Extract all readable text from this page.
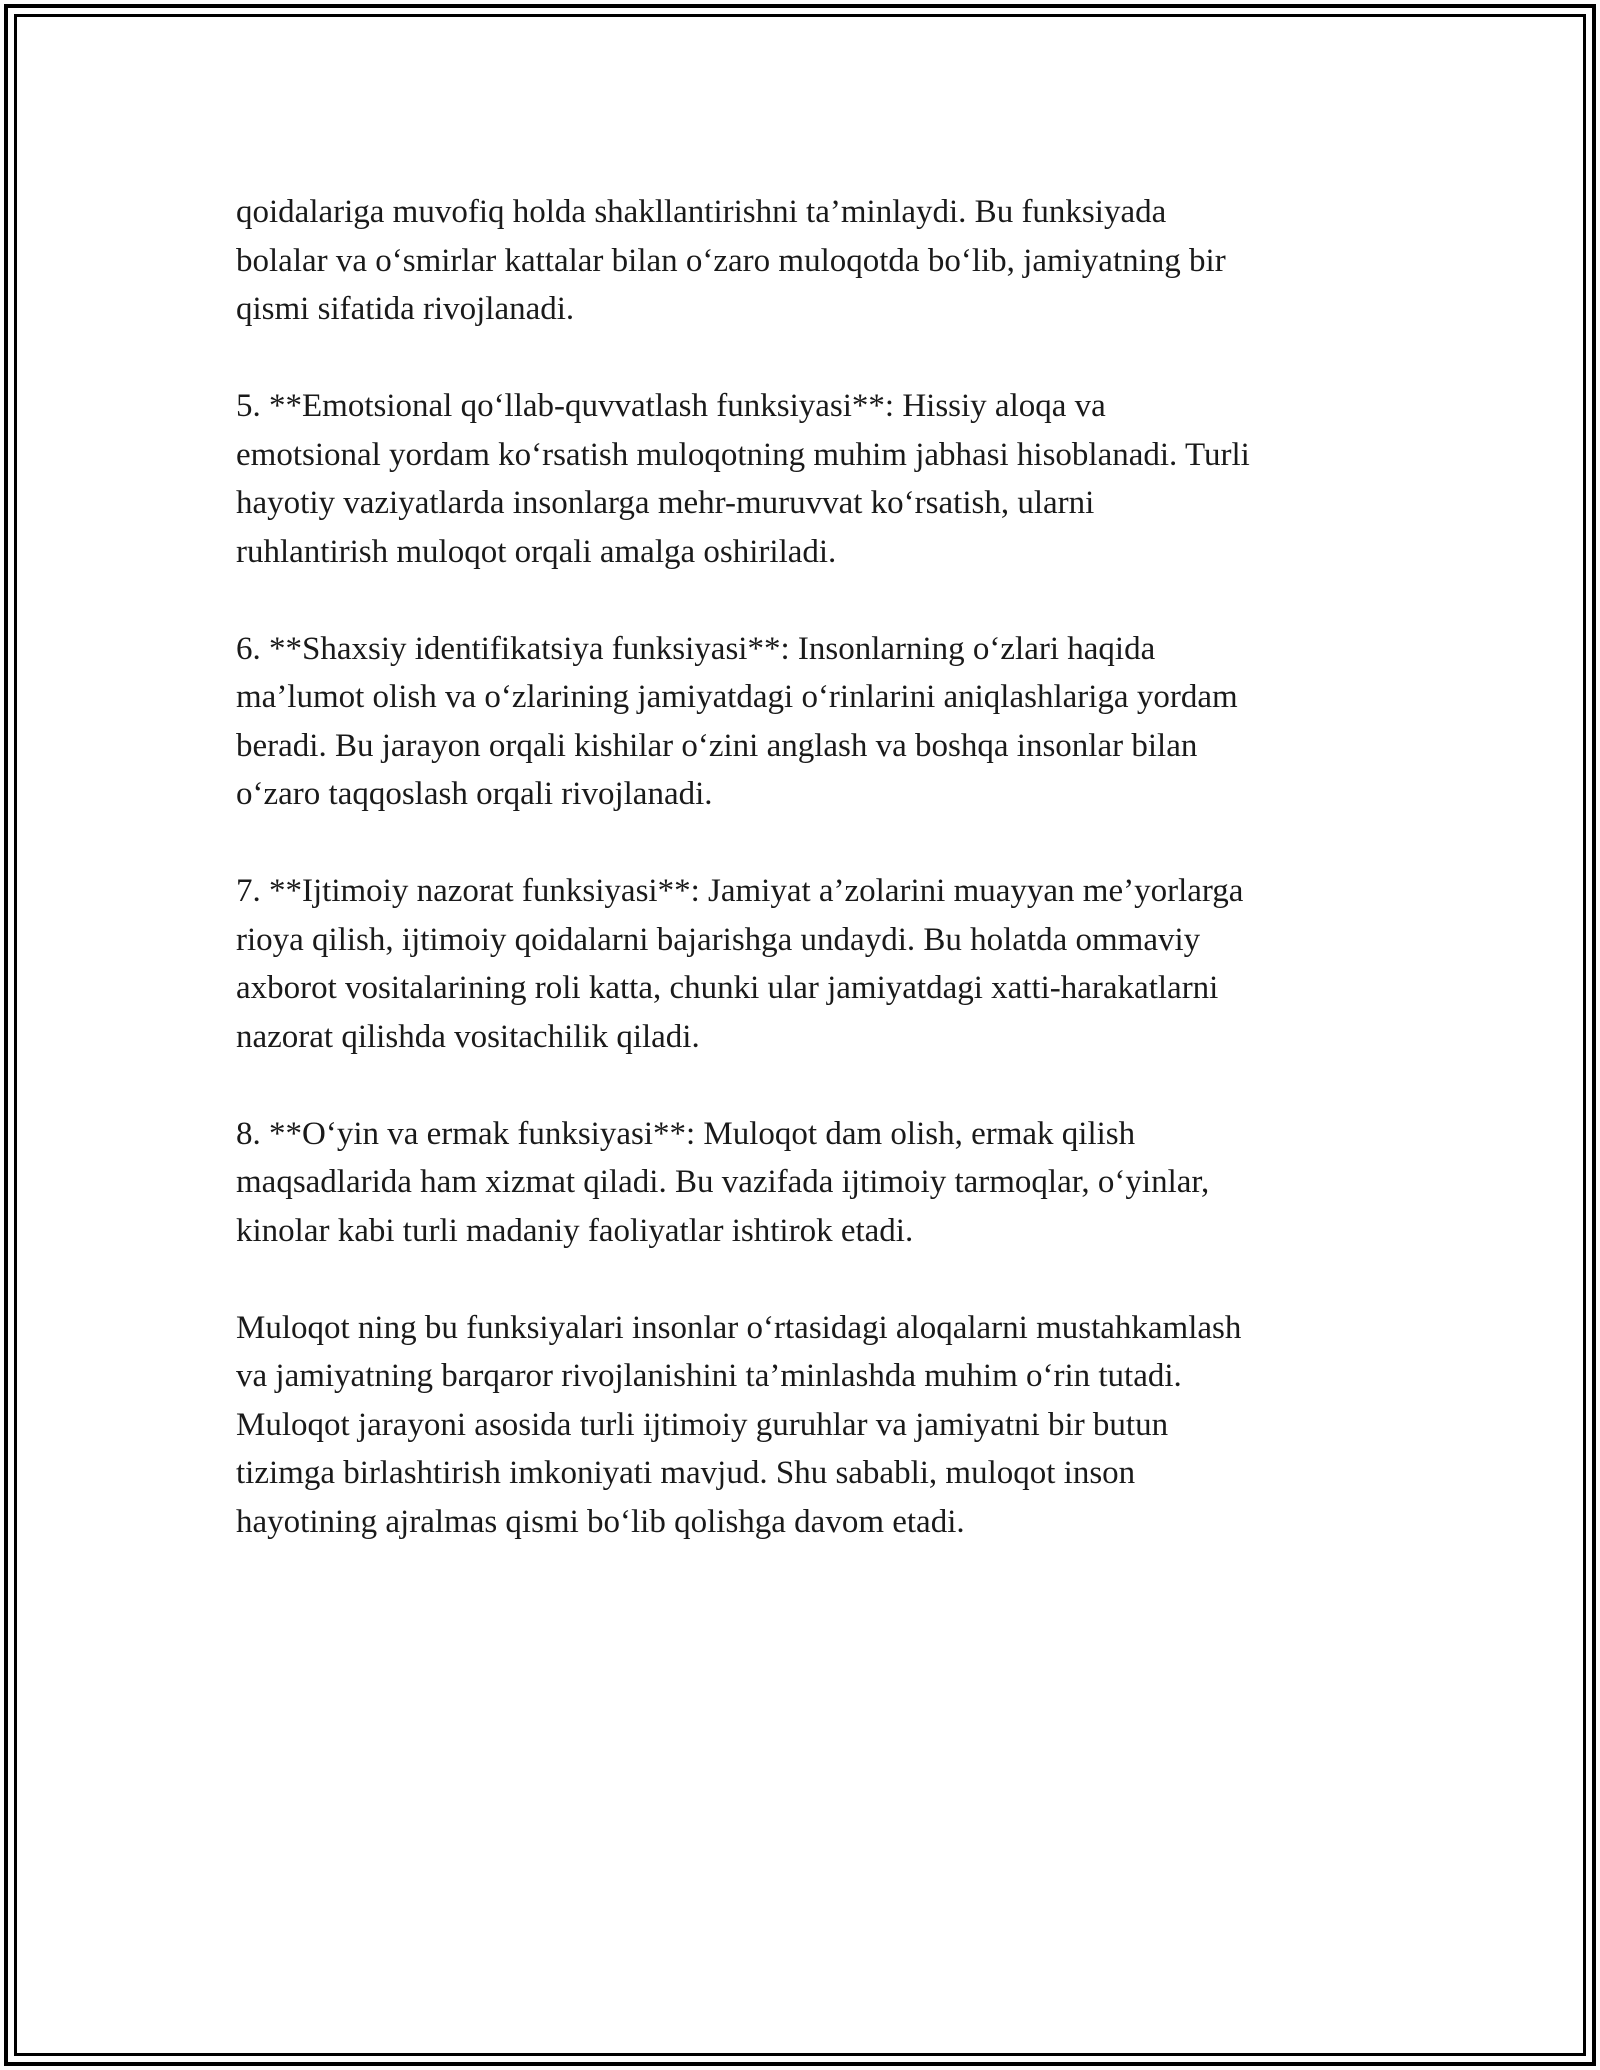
qoidalariga muvofiq holda shakllantirishni ta’minlaydi. Bu funksiyada
bolalar va o‘smirlar kattalar bilan o‘zaro muloqotda bo‘lib, jamiyatning bir
qismi sifatida rivojlanadi.

5. **Emotsional qo‘llab-quvvatlash funksiyasi**: Hissiy aloqa va
emotsional yordam ko‘rsatish muloqotning muhim jabhasi hisoblanadi. Turli
hayotiy vaziyatlarda insonlarga mehr-muruvvat ko‘rsatish, ularni
ruhlantirish muloqot orqali amalga oshiriladi.

6. **Shaxsiy identifikatsiya funksiyasi**: Insonlarning o‘zlari haqida
ma’lumot olish va o‘zlarining jamiyatdagi o‘rinlarini aniqlashlariga yordam
beradi. Bu jarayon orqali kishilar o‘zini anglash va boshqa insonlar bilan
o‘zaro taqqoslash orqali rivojlanadi.

7. **Ijtimoiy nazorat funksiyasi**: Jamiyat a’zolarini muayyan me’yorlarga
rioya qilish, ijtimoiy qoidalarni bajarishga undaydi. Bu holatda ommaviy
axborot vositalarining roli katta, chunki ular jamiyatdagi xatti-harakatlarni
nazorat qilishda vositachilik qiladi.

8. **O‘yin va ermak funksiyasi**: Muloqot dam olish, ermak qilish
maqsadlarida ham xizmat qiladi. Bu vazifada ijtimoiy tarmoqlar, o‘yinlar,
kinolar kabi turli madaniy faoliyatlar ishtirok etadi.

Muloqot ning bu funksiyalari insonlar o‘rtasidagi aloqalarni mustahkamlash
va jamiyatning barqaror rivojlanishini ta’minlashda muhim o‘rin tutadi.
Muloqot jarayoni asosida turli ijtimoiy guruhlar va jamiyatni bir butun
tizimga birlashtirish imkoniyati mavjud. Shu sababli, muloqot inson
hayotining ajralmas qismi bo‘lib qolishga davom etadi.
